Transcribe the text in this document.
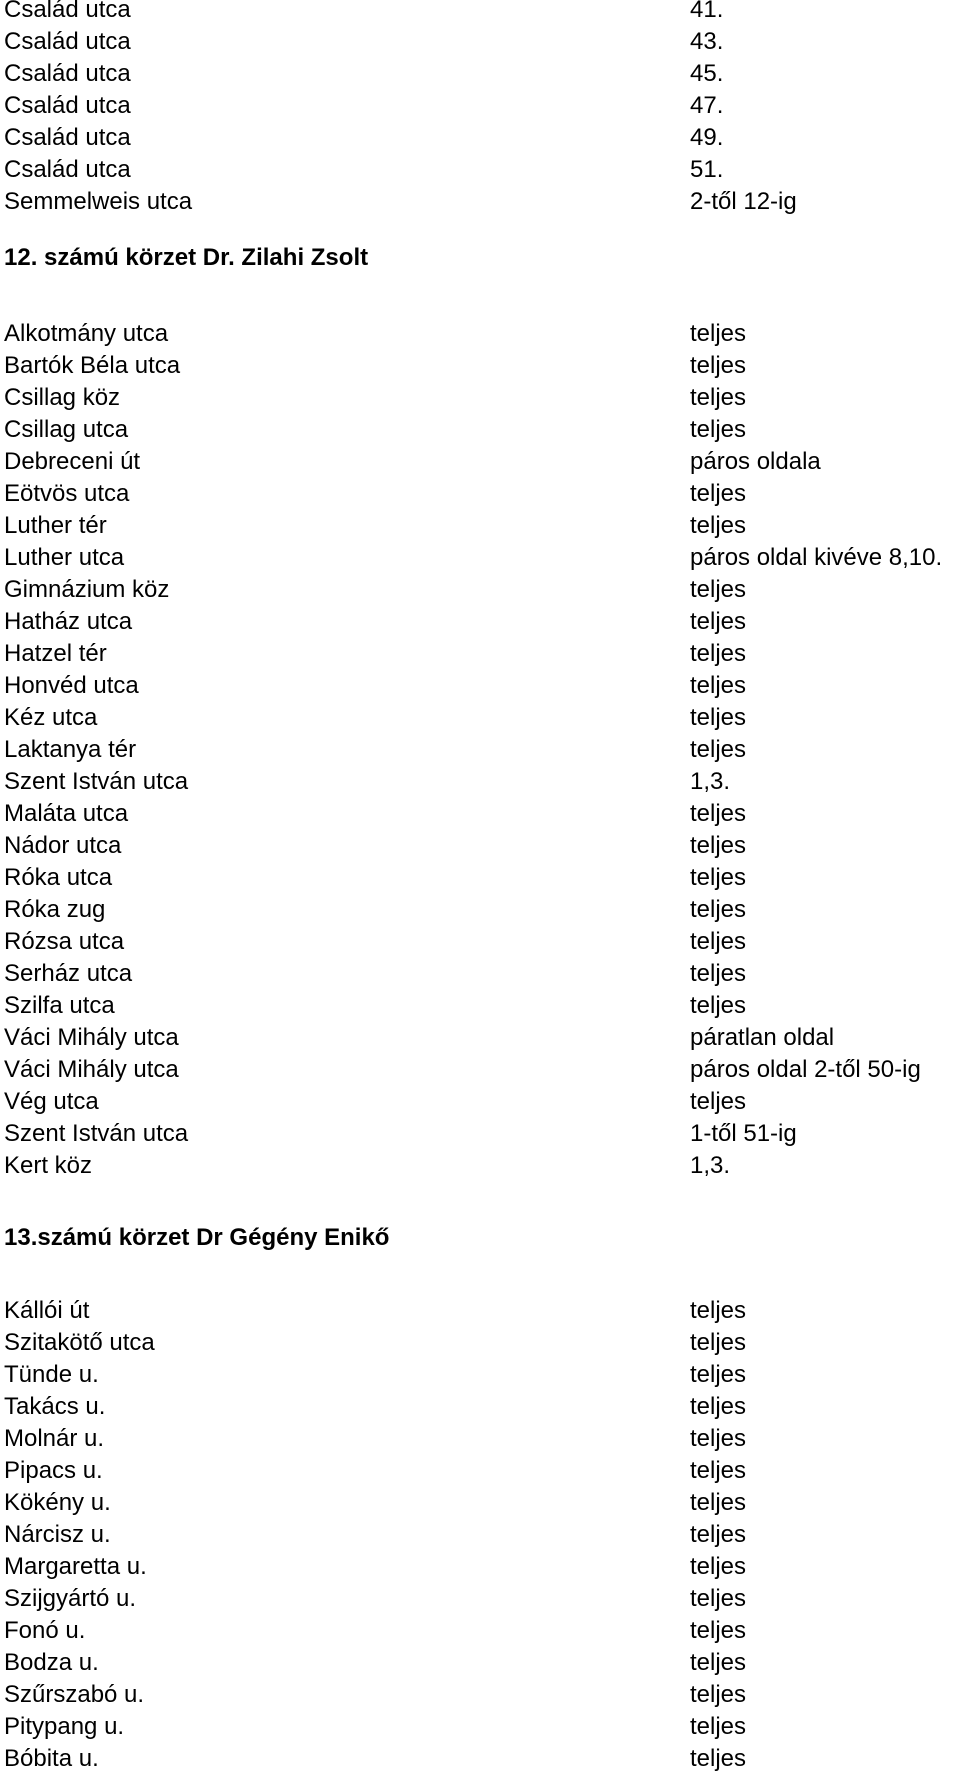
Család utca	41.
Család utca	43.
Család utca	45.
Család utca	47.
Család utca	49.
Család utca	51.
Semmelweis utca	2-től 12-ig
12. számú körzet Dr. Zilahi Zsolt
Alkotmány utca	teljes
Bartók Béla utca	teljes
Csillag köz	teljes
Csillag utca	teljes
Debreceni út	páros oldala
Eötvös utca	teljes
Luther tér	teljes
Luther utca	páros oldal kivéve 8,10.
Gimnázium köz	teljes
Hatház utca	teljes
Hatzel tér	teljes
Honvéd utca	teljes
Kéz utca	teljes
Laktanya tér	teljes
Szent István utca	1,3.
Maláta utca	teljes
Nádor utca	teljes
Róka utca	teljes
Róka zug	teljes
Rózsa utca	teljes
Serház utca	teljes
Szilfa utca	teljes
Váci Mihály utca	páratlan oldal
Váci Mihály utca	páros oldal 2-től 50-ig
Vég utca	teljes
Szent István utca	1-től 51-ig
Kert köz	1,3.
13.számú körzet Dr Gégény Enikő
Kállói út	teljes
Szitakötő utca	teljes
Tünde u.	teljes
Takács u.	teljes
Molnár u.	teljes
Pipacs u.	teljes
Kökény u.	teljes
Nárcisz u.	teljes
Margaretta u.	teljes
Szijgyártó u.	teljes
Fonó u.	teljes
Bodza u.	teljes
Szűrszabó u.	teljes
Pitypang u.	teljes
Bóbita u.	teljes
